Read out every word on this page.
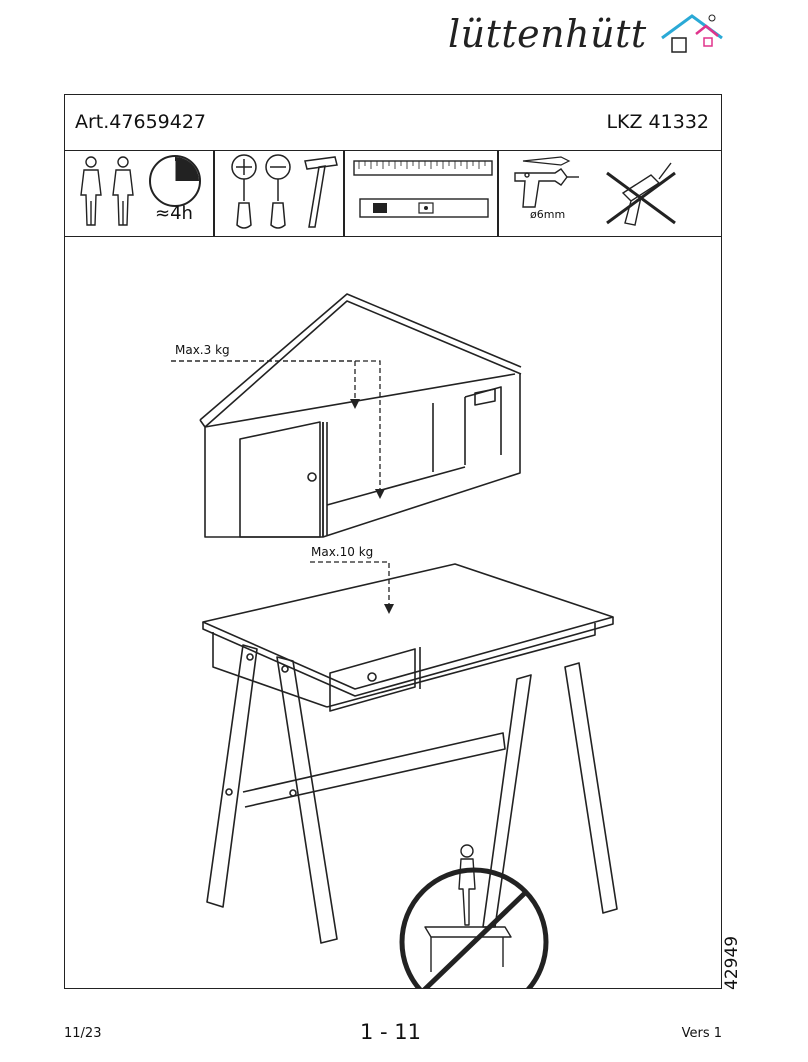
lüttenhütt
Art.47659427	LKZ 41332
≈4h	ø6mm
Max.3 kg
Max.10 kg
42949
11/23	1 - 11	Vers 1
